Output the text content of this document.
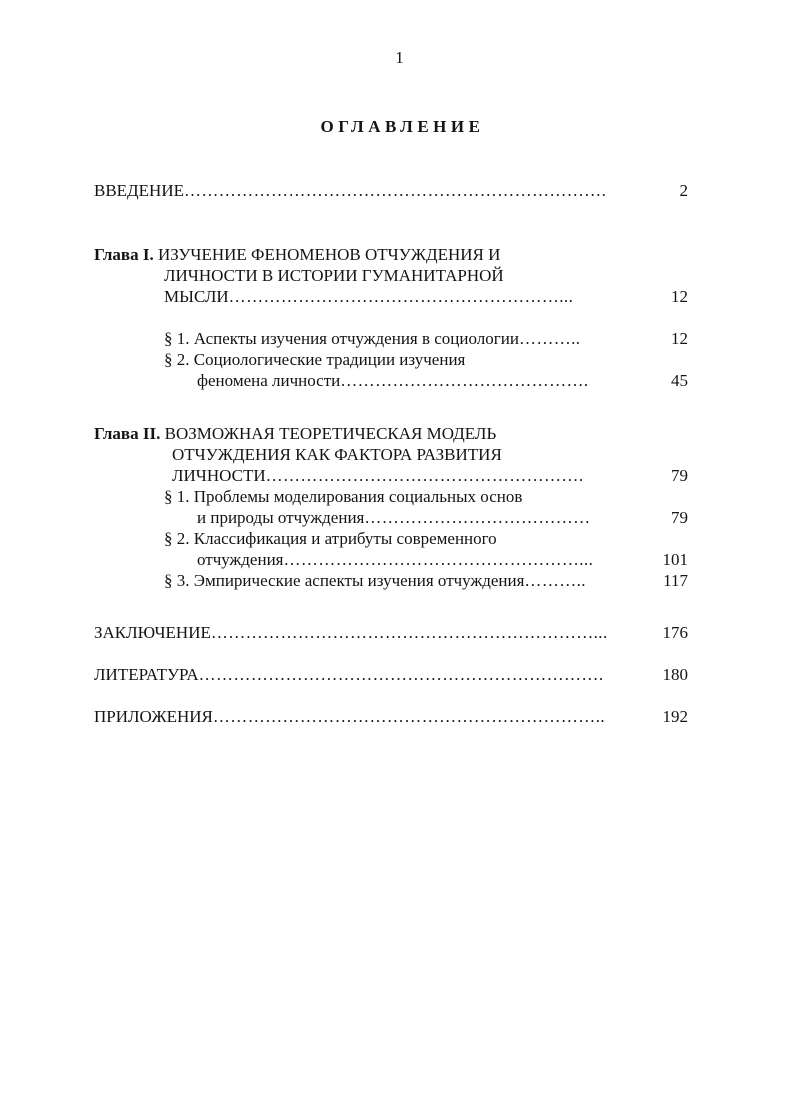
1
ОГЛАВЛЕНИЕ
ВВЕДЕНИЕ……………………………………………………………….	2
Глава I. ИЗУЧЕНИЕ ФЕНОМЕНОВ ОТЧУЖДЕНИЯ И
ЛИЧНОСТИ В ИСТОРИИ ГУМАНИТАРНОЙ
МЫСЛИ…………………………………………………...	12
§ 1. Аспекты изучения отчуждения в социологии………..	12
§ 2. Социологические традиции изучения
феномена личности…………………………………….	45
Глава II. ВОЗМОЖНАЯ ТЕОРЕТИЧЕСКАЯ МОДЕЛЬ
ОТЧУЖДЕНИЯ КАК ФАКТОРА РАЗВИТИЯ
ЛИЧНОСТИ……………………………………………….	79
§ 1. Проблемы моделирования социальных основ
и природы отчуждения…………………………………	79
§ 2. Классификация и атрибуты современного
отчуждения……………………………………………...	101
§ 3. Эмпирические аспекты изучения отчуждения………..	117
ЗАКЛЮЧЕНИЕ…………………………………………………………...	176
ЛИТЕРАТУРА…………………………………………………………….	180
ПРИЛОЖЕНИЯ…………………………………………………………..	192
